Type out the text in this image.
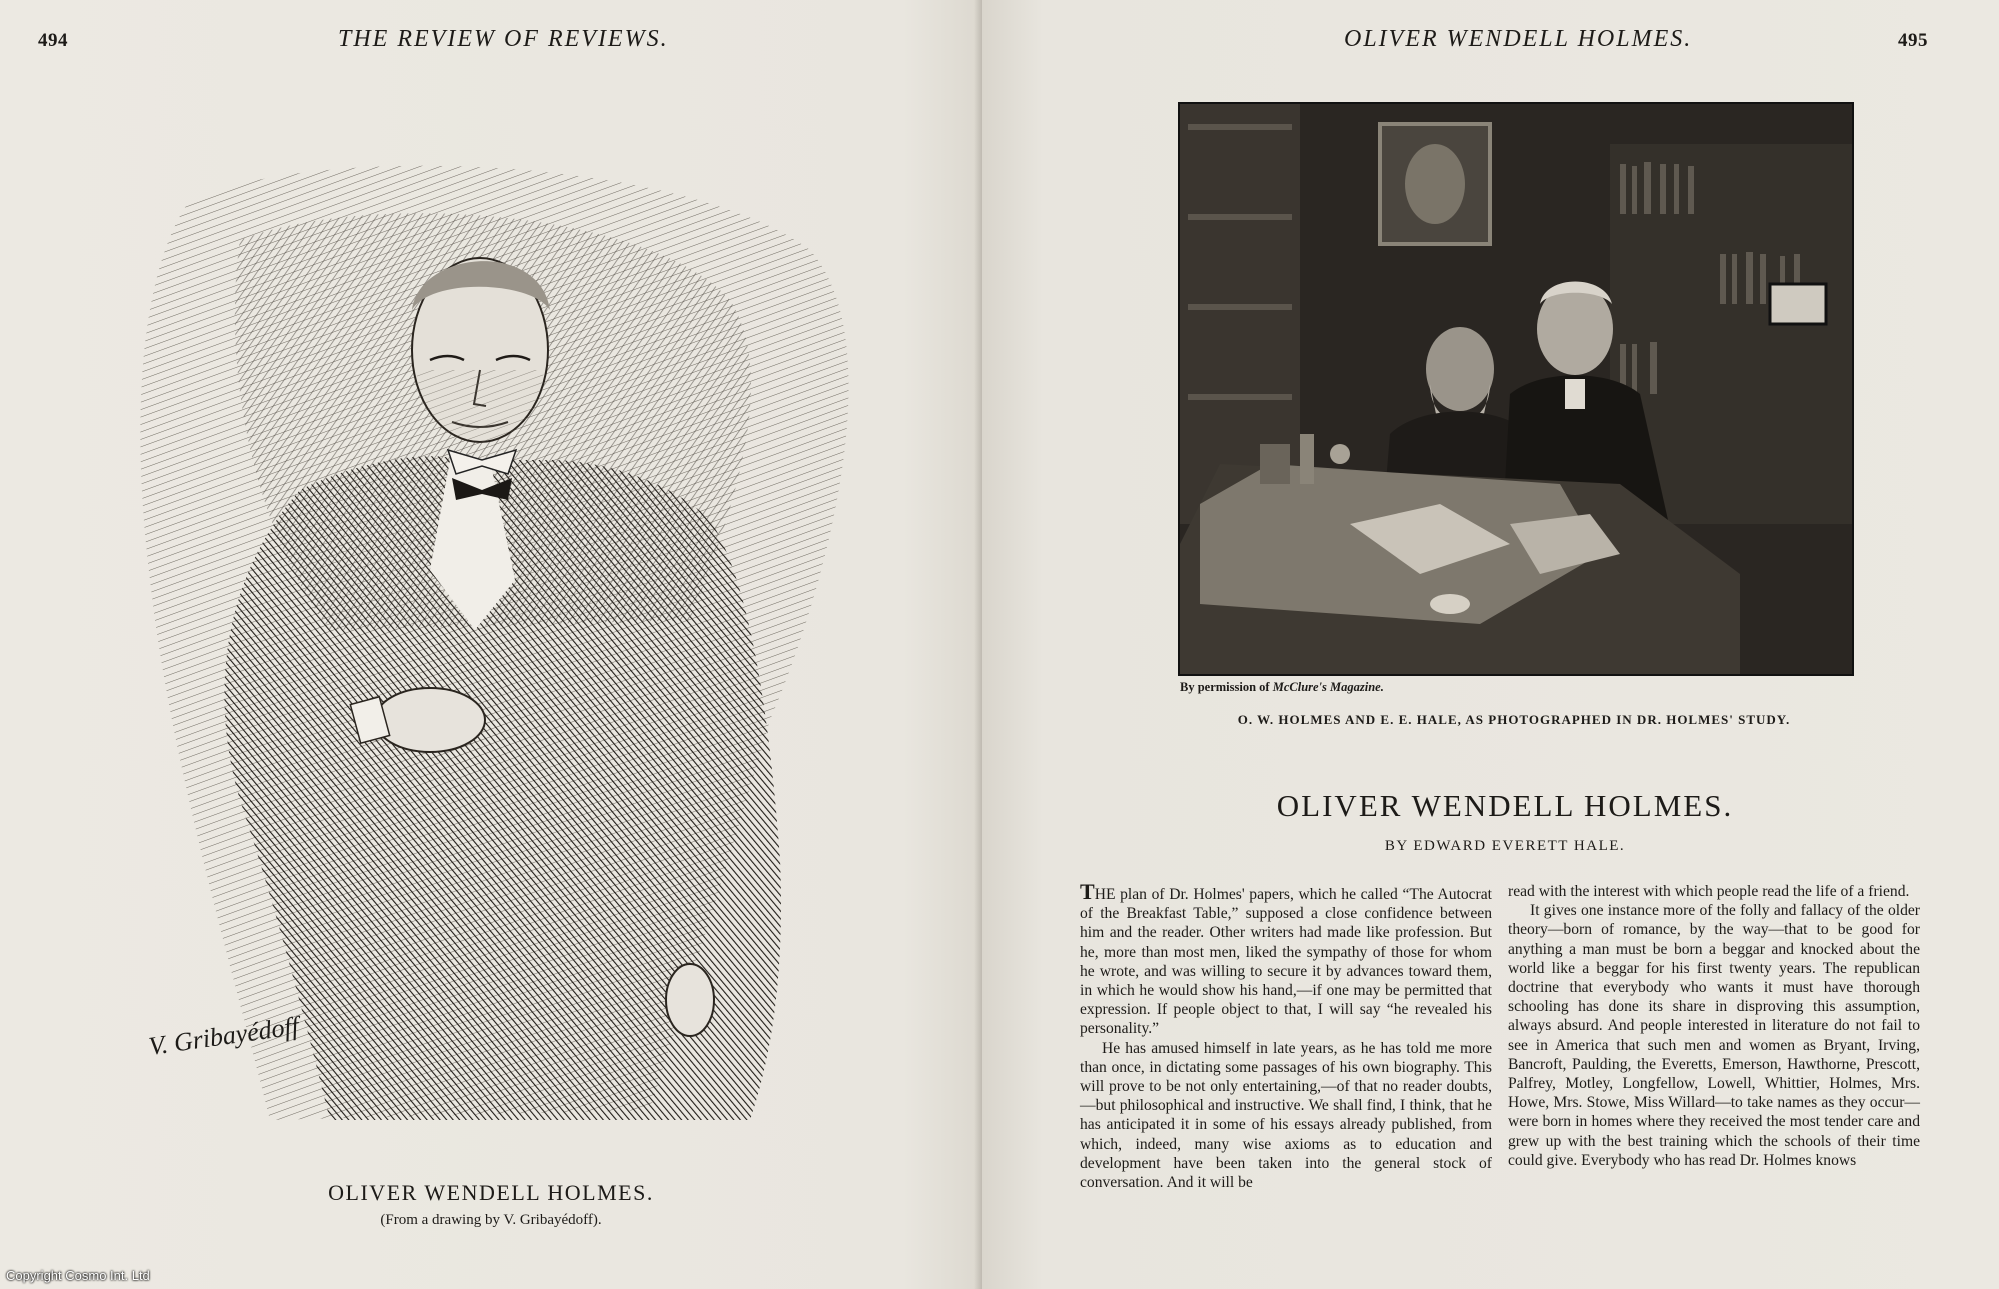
494	THE REVIEW OF REVIEWS.
V. Gribayédoff
OLIVER WENDELL HOLMES.
(From a drawing by V. Gribayédoff).
OLIVER WENDELL HOLMES.	495
By permission of McClure's Magazine.
O. W. HOLMES AND E. E. HALE, AS PHOTOGRAPHED IN DR. HOLMES' STUDY.
OLIVER WENDELL HOLMES.
BY EDWARD EVERETT HALE.

THE plan of Dr. Holmes' papers, which he called “The Autocrat of the Breakfast Table,” supposed a close confidence between him and the reader. Other writers had made like profession. But he, more than most men, liked the sympathy of those for whom he wrote, and was willing to secure it by advances toward them, in which he would show his hand,—if one may be permitted that expression. If people object to that, I will say “he revealed his personality.”

He has amused himself in late years, as he has told me more than once, in dictating some passages of his own biography. This will prove to be not only entertaining,—of that no reader doubts,—but philosophical and instructive. We shall find, I think, that he has anticipated it in some of his essays already published, from which, indeed, many wise axioms as to education and development have been taken into the general stock of conversation. And it will be

read with the interest with which people read the life of a friend.

It gives one instance more of the folly and fallacy of the older theory—born of romance, by the way—that to be good for anything a man must be born a beggar and knocked about the world like a beggar for his first twenty years. The republican doctrine that everybody who wants it must have thorough schooling has done its share in disproving this assumption, always absurd. And people interested in literature do not fail to see in America that such men and women as Bryant, Irving, Bancroft, Paulding, the Everetts, Emerson, Hawthorne, Prescott, Palfrey, Motley, Longfellow, Lowell, Whittier, Holmes, Mrs. Howe, Mrs. Stowe, Miss Willard—to take names as they occur—were born in homes where they received the most tender care and grew up with the best training which the schools of their time could give. Everybody who has read Dr. Holmes knows

Copyright Cosmo Int. Ltd
